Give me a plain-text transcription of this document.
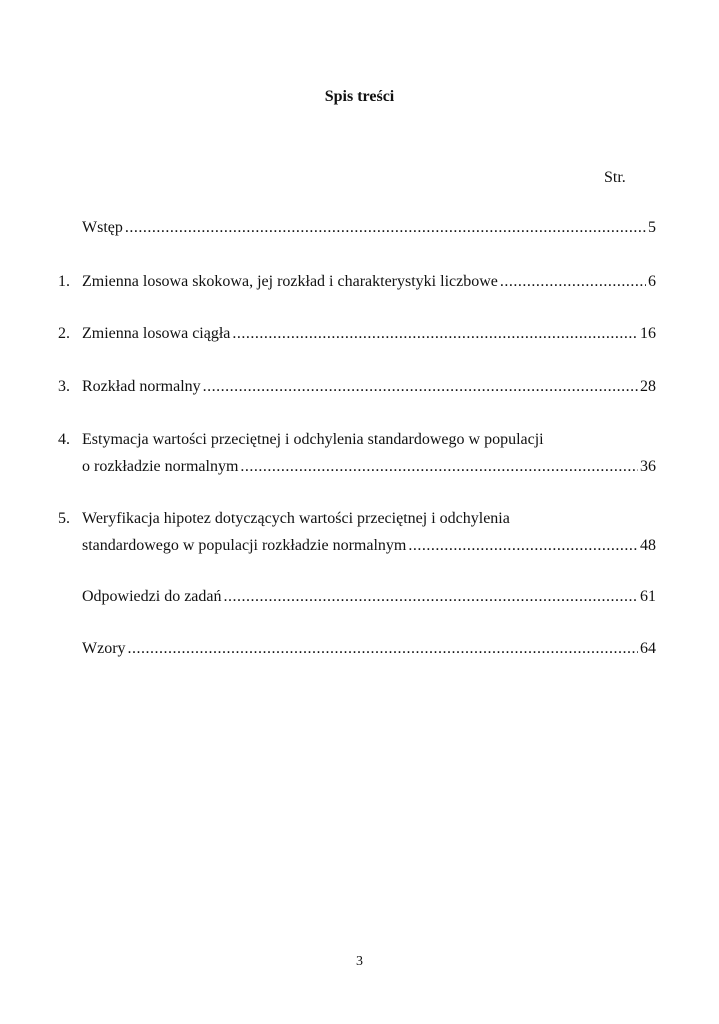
Spis treści
Str.
Wstęp .....	5
1. Zmienna losowa skokowa, jej rozkład i charakterystyki liczbowe .....	6
2. Zmienna losowa ciągła .....	16
3. Rozkład normalny .....	28
4. Estymacja wartości przeciętnej i odchylenia standardowego w populacji
o rozkładzie normalnym .....	36
5. Weryfikacja hipotez dotyczących wartości przeciętnej i odchylenia
standardowego w populacji rozkładzie normalnym .....	48
Odpowiedzi do zadań .....	61
Wzory .....	64
3
